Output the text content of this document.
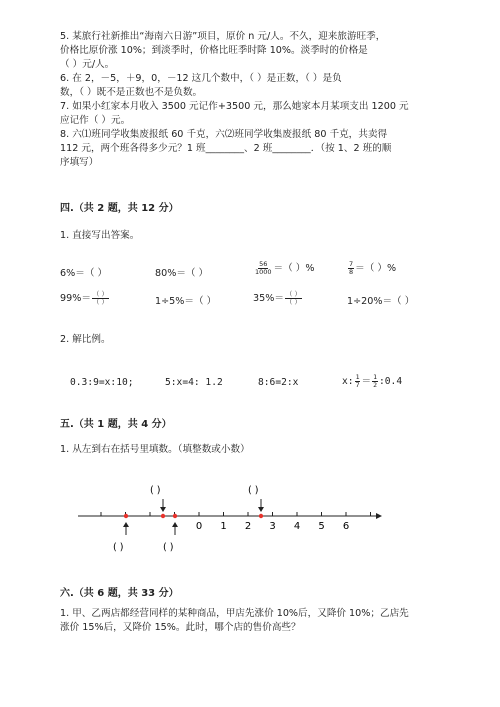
5. 某旅行社新推出“海南六日游”项目，原价 n 元/人。不久，迎来旅游旺季，
价格比原价涨 10%；到淡季时，价格比旺季时降 10%。淡季时的价格是
（ ）元/人。
6. 在 2，－5，＋9，0，－12 这几个数中，（ ）是正数，（ ）是负
数，（ ）既不是正数也不是负数。
7. 如果小红家本月收入 3500 元记作+3500 元，那么她家本月某项支出 1200 元
应记作（ ）元。
8. 六⑴班同学收集废报纸 60 千克，六⑵班同学收集废报纸 80 千克，共卖得
112 元，两个班各得多少元？1 班________、2 班________．（按 1、2 班的顺
序填写）
四.（共 2 题，共 12 分）
1. 直接写出答案。
6%＝（ ）	80%＝（ ）	$\frac{56}{1000}$ ＝（ ）%	$\frac{7}{8}$ ＝（ ）%
$99\%= \frac{( )}{( )}$	1÷5%＝（ ）	$35\%= \frac{( )}{( )}$	1÷20%＝（ ）
2. 解比例。
0.3:9=x:10;	5:x=4: 1.2	8:6=2:x	x: $\frac{1}{7} = \frac{1}{2}$ :0.4
五.（共 1 题，共 4 分）
1. 从左到右在括号里填数。（填整数或小数）
0 1 2 3 4 5 6
( )	( )
( )	( )
六.（共 6 题，共 33 分）
1. 甲、乙两店都经营同样的某种商品，甲店先涨价 10%后，又降价 10%；乙店先
涨价 15%后，又降价 15%。此时，哪个店的售价高些？
